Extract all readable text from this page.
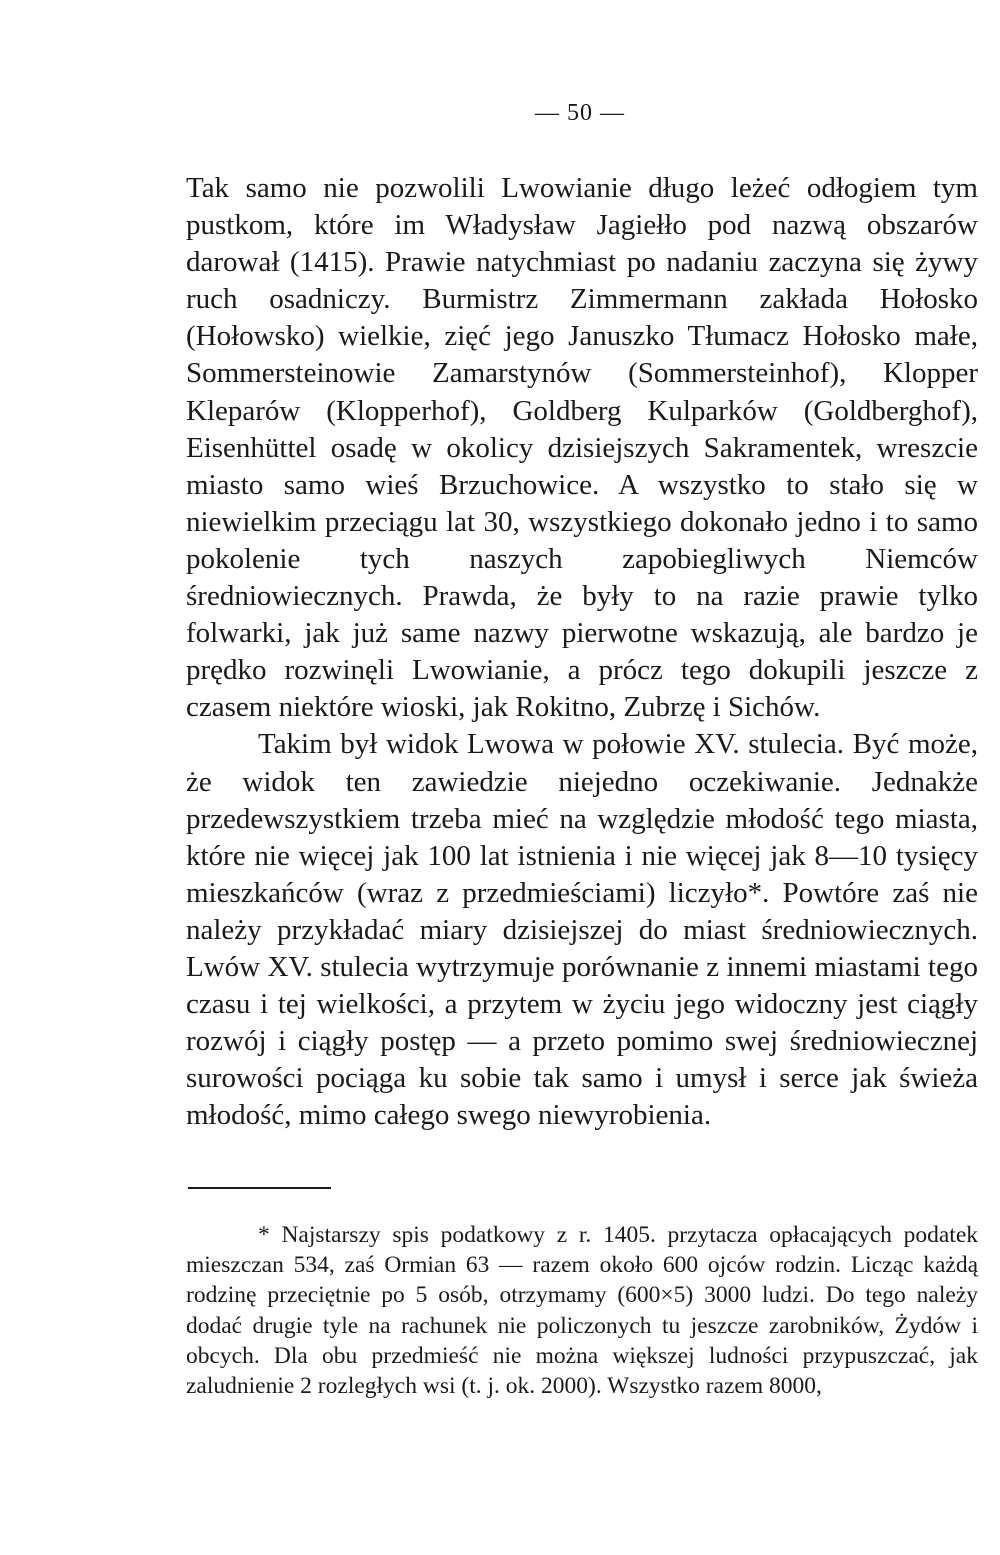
— 50 —

Tak samo nie pozwolili Lwowianie długo leżeć odłogiem tym pustkom, które im Władysław Jagiełło pod nazwą obszarów darował (1415). Prawie natychmiast po nadaniu zaczyna się żywy ruch osadniczy. Burmistrz Zimmermann zakłada Hołosko (Hołowsko) wielkie, zięć jego Januszko Tłumacz Hołosko małe, Sommersteinowie Zamarstynów (Sommersteinhof), Klopper Kleparów (Klopperhof), Goldberg Kulparków (Goldberghof), Eisenhüttel osadę w okolicy dzisiejszych Sakramentek, wreszcie miasto samo wieś Brzuchowice. A wszystko to stało się w niewielkim przeciągu lat 30, wszystkiego dokonało jedno i to samo pokolenie tych naszych zapobiegliwych Niemców średniowiecznych. Prawda, że były to na razie prawie tylko folwarki, jak już same nazwy pierwotne wskazują, ale bardzo je prędko rozwinęli Lwowianie, a prócz tego dokupili jeszcze z czasem niektóre wioski, jak Rokitno, Zubrzę i Sichów.

Takim był widok Lwowa w połowie XV. stulecia. Być może, że widok ten zawiedzie niejedno oczekiwanie. Jednakże przedewszystkiem trzeba mieć na względzie młodość tego miasta, które nie więcej jak 100 lat istnienia i nie więcej jak 8—10 tysięcy mieszkańców (wraz z przedmieściami) liczyło*. Powtóre zaś nie należy przykładać miary dzisiejszej do miast średniowiecznych. Lwów XV. stulecia wytrzymuje porównanie z innemi miastami tego czasu i tej wielkości, a przytem w życiu jego widoczny jest ciągły rozwój i ciągły postęp — a przeto pomimo swej średniowiecznej surowości pociąga ku sobie tak samo i umysł i serce jak świeża młodość, mimo całego swego niewyrobienia.

* Najstarszy spis podatkowy z r. 1405. przytacza opłacających podatek mieszczan 534, zaś Ormian 63 — razem około 600 ojców rodzin. Licząc każdą rodzinę przeciętnie po 5 osób, otrzymamy (600×5) 3000 ludzi. Do tego należy dodać drugie tyle na rachunek nie policzonych tu jeszcze zarobników, Żydów i obcych. Dla obu przedmieść nie można większej ludności przypuszczać, jak zaludnienie 2 rozległych wsi (t. j. ok. 2000). Wszystko razem 8000,
